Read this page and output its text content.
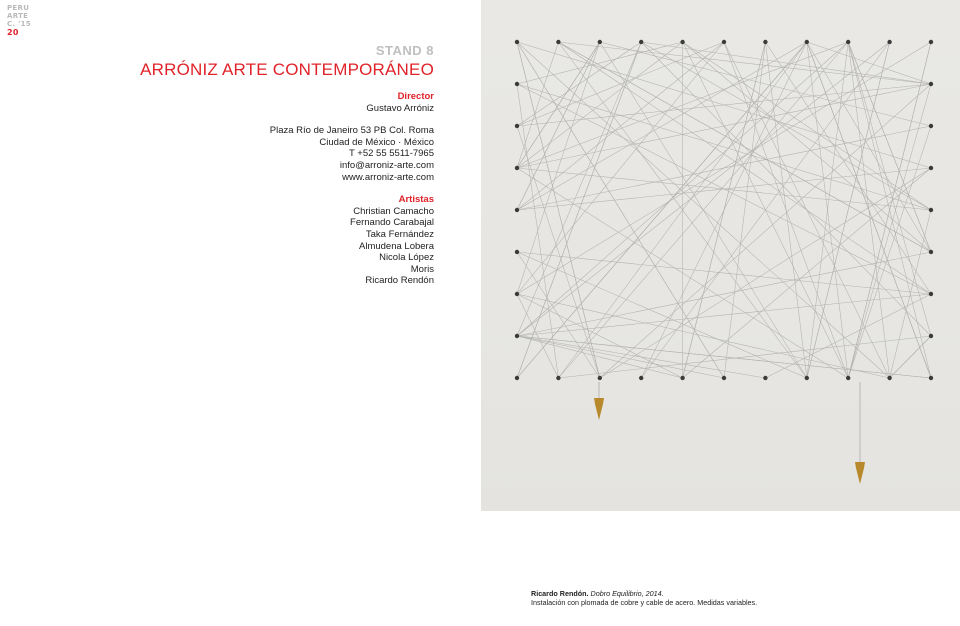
PERU
ARTE
C. '15
20
STAND 8
ARRÓNIZ ARTE CONTEMPORÁNEO
Director
Gustavo Arróniz
Plaza Río de Janeiro 53 PB Col. Roma
Ciudad de México · México
T +52 55 5511-7965
info@arroniz-arte.com
www.arroniz-arte.com
Artistas
Christian Camacho
Fernando Carabajal
Taka Fernández
Almudena Lobera
Nicola López
Moris
Ricardo Rendón
Ricardo Rendón. Dobro Equilibrio, 2014.
Instalación con plomada de cobre y cable de acero. Medidas variables.
